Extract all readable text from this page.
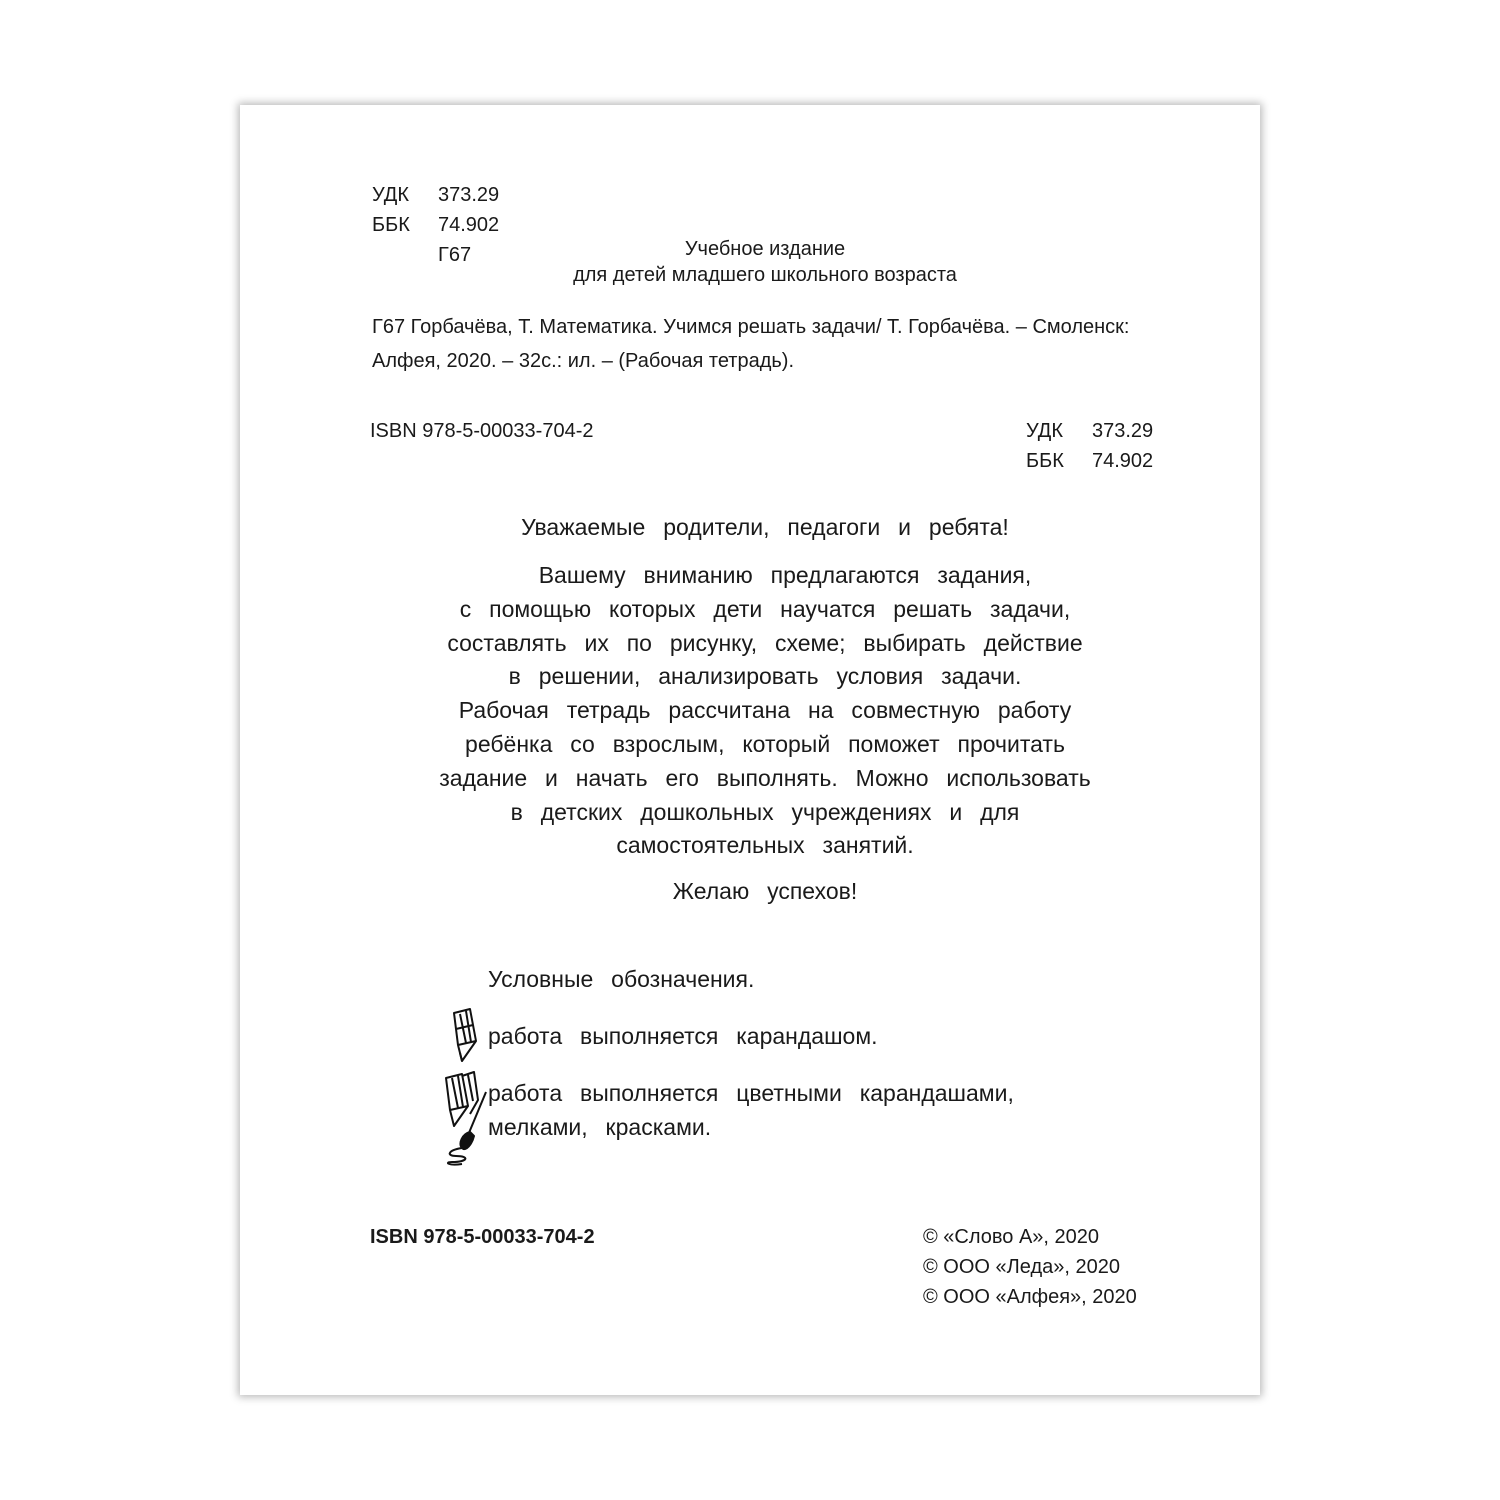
УДК 373.29
ББК 74.902
Г67	Учебное издание
для детей младшего школьного возраста
Г67 Горбачёва, Т. Математика. Учимся решать задачи/ Т. Горбачёва. – Смоленск:
Алфея, 2020. – 32с.: ил. – (Рабочая тетрадь).
ISBN 978-5-00033-704-2	УДК 373.29
ББК 74.902

Уважаемые родители, педагоги и ребята!

Вашему вниманию предлагаются задания,

с помощью которых дети научатся решать задачи,

составлять их по рисунку, схеме; выбирать действие

в решении, анализировать условия задачи.

Рабочая тетрадь рассчитана на совместную работу

ребёнка со взрослым, который поможет прочитать

задание и начать его выполнять. Можно использовать

в детских дошкольных учреждениях и для

самостоятельных занятий.

Желаю успехов!

Условные обозначения.
работа выполняется карандашом.
работа выполняется цветными карандашами,
мелками, красками.
ISBN 978-5-00033-704-2	© «Слово А», 2020
© ООО «Леда», 2020
© ООО «Алфея», 2020
